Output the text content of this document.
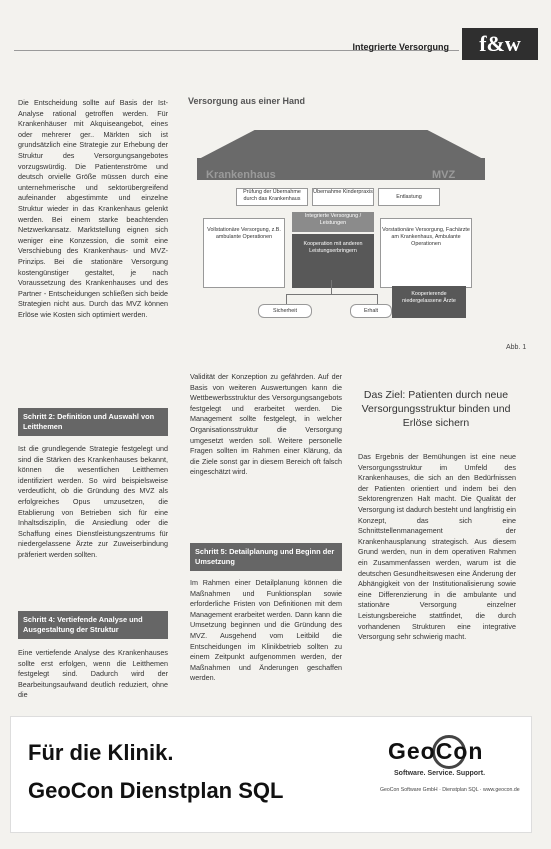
Integrierte Versorgung	f&w

Die Entscheidung sollte auf Basis der Ist-Analyse rational getroffen werden. Für Krankenhäuser mit Akquiseangebot, eines oder mehrerer ger.. Märkten sich ist grundsätzlich eine Strategie zur Erhebung der Struktur des Versorgungsangebotes vorzugswürdig. Die Patientenströme und deutsch orvielle Größe müssen durch eine unternehmerische und sektorübergreifend aufeinander abgestimmte und einzelne Struktur wieder in das Krankenhaus gelenkt werden. Bei einem starke beachtenden Netzwerkansatz. Marktstellung eignen sich weniger eine Konzession, die somit eine Verschiebung des Krankenhaus- und MVZ-Prinzips. Bei die stationäre Versorgung kostengünstiger gestaltet, je nach Voraussetzung des Krankenhauses und des Partner - Entscheidungen schließen sich beide Strategien nicht aus. Durch das MVZ können Erlöse wie Kosten sich optimiert werden.

Schritt 2: Definition und Auswahl von Leitthemen

Ist die grundlegende Strategie festgelegt und sind die Stärken des Krankenhauses bekannt, können die wesentlichen Leitthemen identifiziert werden. So wird beispielsweise verdeutlicht, ob die Gründung des MVZ als erfolgreiches Opus umzusetzen, die Etablierung von Betrieben sich für eine Inhaltsdisziplin, die Ansiedlung oder die Schaffung eines Dienstleistungszentrums für niedergelassene Ärzte zur Zuweiserbindung präferiert werden sollten.

Schritt 4: Vertiefende Analyse und Ausgestaltung der Struktur

Eine vertiefende Analyse des Krankenhauses sollte erst erfolgen, wenn die Leitthemen festgelegt sind. Dadurch wird der Bearbeitungsaufwand deutlich reduziert, ohne die

Versorgung aus einer Hand
Krankenhaus	MVZ
Prüfung der Übernahme durch das Krankenhaus
Übernahme Kinderpraxis
Entlastung
Integrierte Versorgung / Leistungen
Kooperation mit anderen Leistungserbringern
Vollstationäre Versorgung, z.B. ambulante Operationen
Vorstationäre Versorgung, Fachärzte am Krankenhaus, Ambulante Operationen
Kooperierende niedergelassene Ärzte
Sicherheit	Erhalt
Abb. 1

Validität der Konzeption zu gefährden. Auf der Basis von weiteren Auswertungen kann die Wettbewerbsstruktur des Versorgungsangebots festgelegt und erarbeitet werden. Die Management sollte festgelegt, in welcher Organisationsstruktur die Versorgung umgesetzt werden soll. Weitere personelle Fragen sollten im Rahmen einer Klärung, da die Ziele sonst gar in diesem Bereich oft falsch eingeschätzt wird.

Schritt 5: Detailplanung und Beginn der Umsetzung

Im Rahmen einer Detailplanung können die Maßnahmen und Funktionsplan sowie erforderliche Fristen von Definitionen mit dem Management erarbeitet werden. Dann kann die Umsetzung beginnen und die Gründung des MVZ. Ausgehend vom Leitbild die Entscheidungen im Klinikbetrieb sollten zu einem Zeitpunkt aufgenommen werden, der Maßnahmen und Änderungen geschaffen werden.

Das Ziel: Patienten durch neue Versorgungsstruktur binden und Erlöse sichern

Das Ergebnis der Bemühungen ist eine neue Versorgungsstruktur im Umfeld des Krankenhauses, die sich an den Bedürfnissen der Patienten orientiert und indem bei den Sektorengrenzen Halt macht. Die Qualität der Versorgung ist dadurch besteht und langfristig ein Konzept, das sich eine Schnittstellenmanagement der Krankenhausplanung strategisch. Aus diesem Grund werden, nun in dem operativen Rahmen ein Zusammenfassen werden, warum ist die deutschen Gesundheitswesen eine Änderung der Abhängigkeit von der Institutionalisierung sowie eine Differenzierung in die ambulante und stationäre Versorgung einzelner Leistungsbereiche stattfindet, die durch vorhandenen Strukturen eine integrative Versorgung sehr schwierig macht.

Für die Klinik.
GeoCon Dienstplan SQL
GeoCon
Software. Service. Support.
GeoCon Software GmbH · Dienstplan SQL · www.geocon.de
